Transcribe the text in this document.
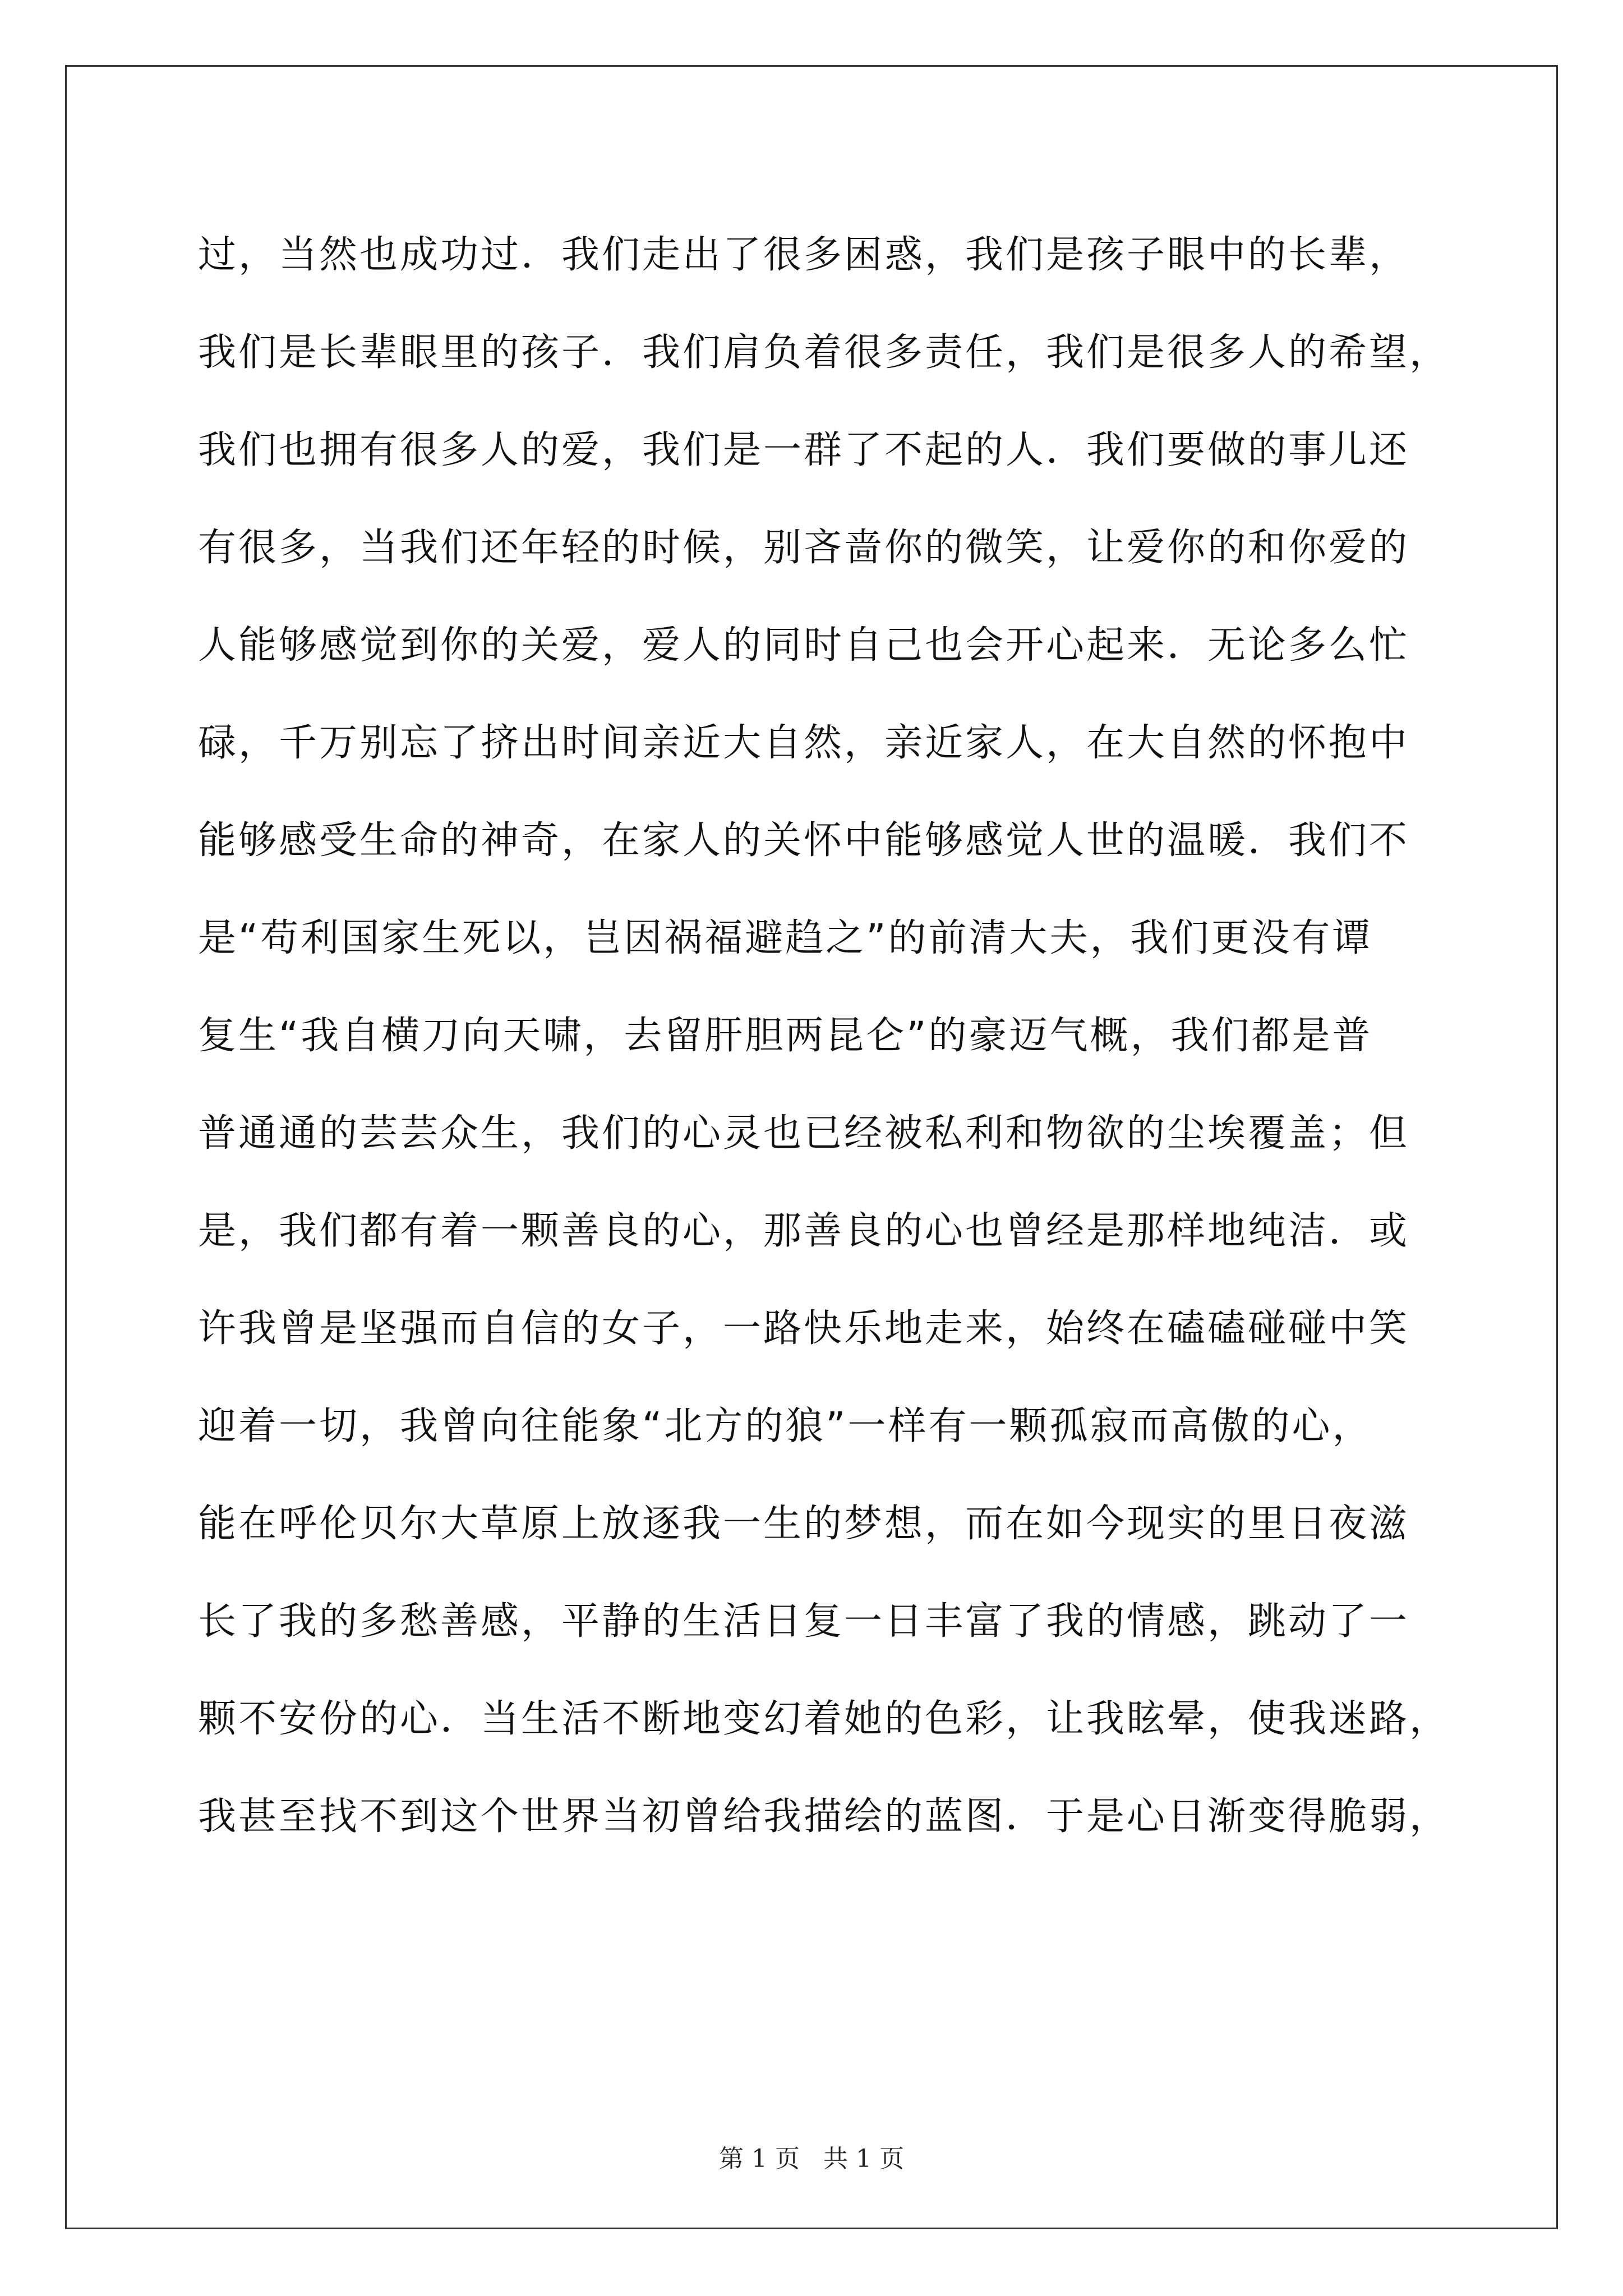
过，当然也成功过．我们走出了很多困惑，我们是孩子眼中的长辈，
我们是长辈眼里的孩子．我们肩负着很多责任，我们是很多人的希望，
我们也拥有很多人的爱，我们是一群了不起的人．我们要做的事儿还
有很多，当我们还年轻的时候，别吝啬你的微笑，让爱你的和你爱的
人能够感觉到你的关爱，爱人的同时自己也会开心起来．无论多么忙
碌，千万别忘了挤出时间亲近大自然，亲近家人，在大自然的怀抱中
能够感受生命的神奇，在家人的关怀中能够感觉人世的温暖．我们不
是“苟利国家生死以，岂因祸福避趋之”的前清大夫，我们更没有谭
复生“我自横刀向天啸，去留肝胆两昆仑”的豪迈气概，我们都是普
普通通的芸芸众生，我们的心灵也已经被私利和物欲的尘埃覆盖；但
是，我们都有着一颗善良的心，那善良的心也曾经是那样地纯洁．或
许我曾是坚强而自信的女子，一路快乐地走来，始终在磕磕碰碰中笑
迎着一切，我曾向往能象“北方的狼”一样有一颗孤寂而高傲的心，
能在呼伦贝尔大草原上放逐我一生的梦想，而在如今现实的里日夜滋
长了我的多愁善感，平静的生活日复一日丰富了我的情感，跳动了一
颗不安份的心．当生活不断地变幻着她的色彩，让我眩晕，使我迷路，
我甚至找不到这个世界当初曾给我描绘的蓝图．于是心日渐变得脆弱，
第 1 页   共 1 页
